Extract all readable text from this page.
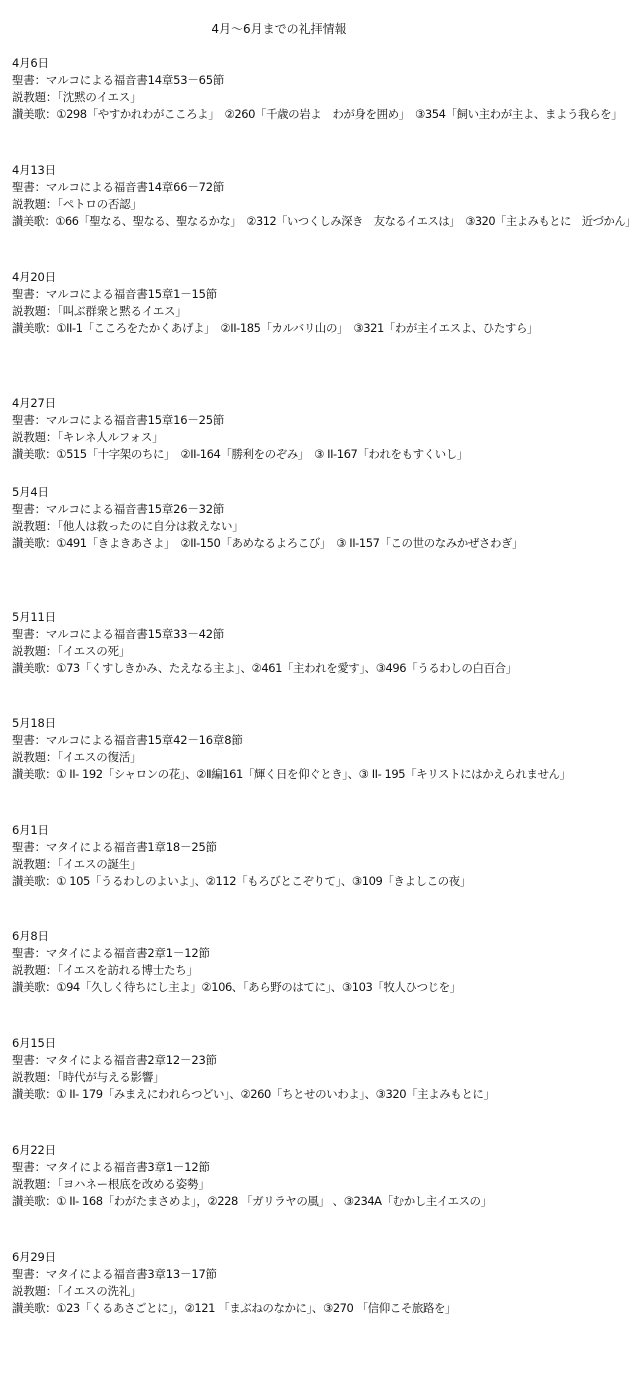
4月～6月までの礼拝情報
4月6日
聖書：マルコによる福音書14章53－65節
説教題：「沈黙のイエス」
讃美歌：①298「やすかれわがこころよ」　②260「千歳の岩よ　わが身を囲め」　③354「飼い主わが主よ、まよう我らを」
4月13日
聖書：マルコによる福音書14章66－72節
説教題：「ペトロの否認」
讃美歌：①66「聖なる、聖なる、聖なるかな」　②312「いつくしみ深き　友なるイエスは」　③320「主よみもとに　近づかん」
4月20日
聖書：マルコによる福音書15章1－15節
説教題：「叫ぶ群衆と黙るイエス」
讃美歌：①II-1「こころをたかくあげよ」　②II-185「カルバリ山の」　③321「わが主イエスよ、ひたすら」
4月27日
聖書：マルコによる福音書15章16－25節
説教題：「キレネ人ルフォス」
讃美歌：①515「十字架のちに」　②II-164「勝利をのぞみ」　③ II-167「われをもすくいし」
5月4日
聖書：マルコによる福音書15章26－32節
説教題：「他人は救ったのに自分は救えない」
讃美歌：①491「きよきあさよ」　②II-150「あめなるよろこび」　③ II-157「この世のなみかぜさわぎ」
5月11日
聖書：マルコによる福音書15章33－42節
説教題：「イエスの死」
讃美歌：①73「くすしきかみ、たえなる主よ」、②461「主われを愛す」、③496「うるわしの白百合」
5月18日
聖書：マルコによる福音書15章42－16章8節
説教題：「イエスの復活」
讃美歌：① II- 192「シャロンの花」、②Ⅱ編161「輝く日を仰ぐとき」、③ II- 195「キリストにはかえられません」
6月1日
聖書：マタイによる福音書1章18－25節
説教題：「イエスの誕生」
讃美歌：① 105「うるわしのよいよ」、②112「もろびとこぞりて」、③109「きよしこの夜」
6月8日
聖書：マタイによる福音書2章1－12節
説教題：「イエスを訪れる博士たち」
讃美歌：①94「久しく待ちにし主よ」②106、「あら野のはてに」、③103「牧人ひつじを」
6月15日
聖書：マタイによる福音書2章12－23節
説教題：「時代が与える影響」
讃美歌：① II- 179「みまえにわれらつどい」、②260「ちとせのいわよ」、③320「主よみもとに」
6月22日
聖書：マタイによる福音書3章1－12節
説教題：「ヨハネー根底を改める姿勢」
讃美歌：① II- 168「わがたまさめよ」，②228 「ガリラヤの風」 、③234A「むかし主イエスの」
6月29日
聖書：マタイによる福音書3章13－17節
説教題：「イエスの洗礼」
讃美歌：①23「くるあさごとに」，②121 「まぶねのなかに」、③270 「信仰こそ旅路を」
